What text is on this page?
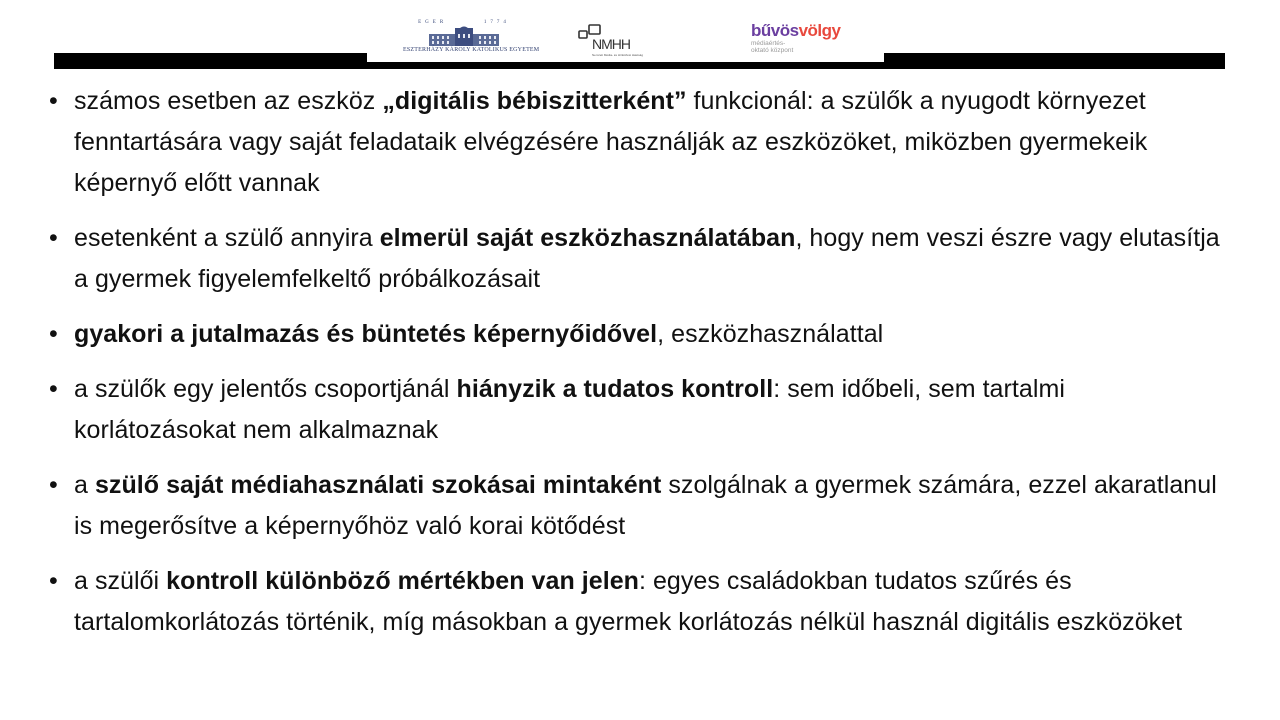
EGER	1774
ESZTERHÁZY KÁROLY KATOLIKUS EGYETEM	NMHH
Nemzeti Média- és Hírközlési Hatóság
bűvösvölgy
médiaértés-
oktató központ
• számos esetben az eszköz „digitális bébiszitterként” funkcionál: a szülők a nyugodt környezet fenntartására vagy saját feladataik elvégzésére használják az eszközöket, miközben gyermekeik képernyő előtt vannak
• esetenként a szülő annyira elmerül saját eszközhasználatában, hogy nem veszi észre vagy elutasítja a gyermek figyelemfelkeltő próbálkozásait
• gyakori a jutalmazás és büntetés képernyőidővel, eszközhasználattal
• a szülők egy jelentős csoportjánál hiányzik a tudatos kontroll: sem időbeli, sem tartalmi korlátozásokat nem alkalmaznak
• a szülő saját médiahasználati szokásai mintaként szolgálnak a gyermek számára, ezzel akaratlanul is megerősítve a képernyőhöz való korai kötődést
• a szülői kontroll különböző mértékben van jelen: egyes családokban tudatos szűrés és tartalomkorlátozás történik, míg másokban a gyermek korlátozás nélkül használ digitális eszközöket
